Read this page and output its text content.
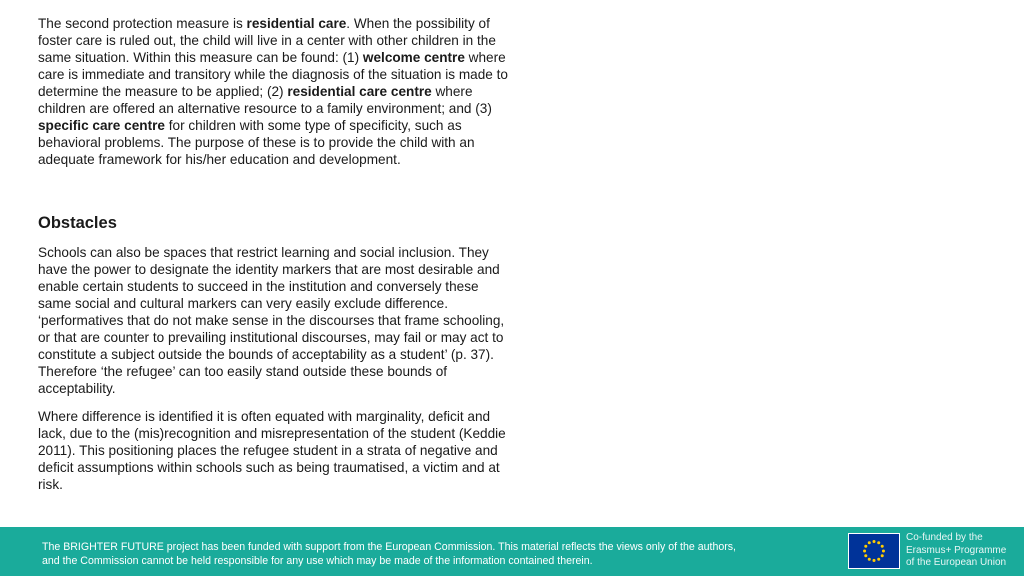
The second protection measure is residential care. When the possibility of foster care is ruled out, the child will live in a center with other children in the same situation. Within this measure can be found: (1) welcome centre where care is immediate and transitory while the diagnosis of the situation is made to determine the measure to be applied; (2) residential care centre where children are offered an alternative resource to a family environment; and (3) specific care centre for children with some type of specificity, such as behavioral problems. The purpose of these is to provide the child with an adequate framework for his/her education and development.

Obstacles

Schools can also be spaces that restrict learning and social inclusion. They have the power to designate the identity markers that are most desirable and enable certain students to succeed in the institution and conversely these same social and cultural markers can very easily exclude difference. ‘performatives that do not make sense in the discourses that frame schooling, or that are counter to prevailing institutional discourses, may fail or may act to constitute a subject outside the bounds of acceptability as a student’ (p. 37). Therefore ‘the refugee’ can too easily stand outside these bounds of acceptability.

Where difference is identified it is often equated with marginality, deficit and lack, due to the (mis)recognition and misrepresentation of the student (Keddie 2011). This positioning places the refugee student in a strata of negative and deficit assumptions within schools such as being traumatised, a victim and at risk.

The BRIGHTER FUTURE project has been funded with support from the European Commission. This material reflects the views only of the authors,
and the Commission cannot be held responsible for any use which may be made of the information contained therein.
Co-funded by the
Erasmus+ Programme
of the European Union
